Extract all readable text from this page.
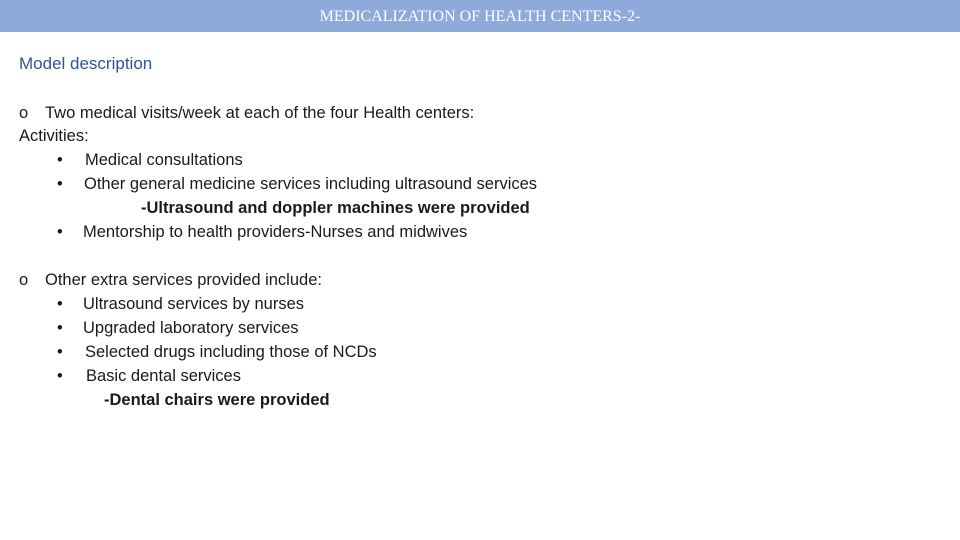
MEDICALIZATION OF HEALTH CENTERS-2-
Model description
o Two medical visits/week at each of the four Health centers:
Activities:
• Medical consultations
• Other general medicine services including ultrasound services
-Ultrasound and doppler machines were provided
• Mentorship to health providers-Nurses and midwives
o Other extra services provided include:
• Ultrasound services by nurses
• Upgraded laboratory services
• Selected drugs including those of NCDs
• Basic dental services
-Dental chairs were provided
